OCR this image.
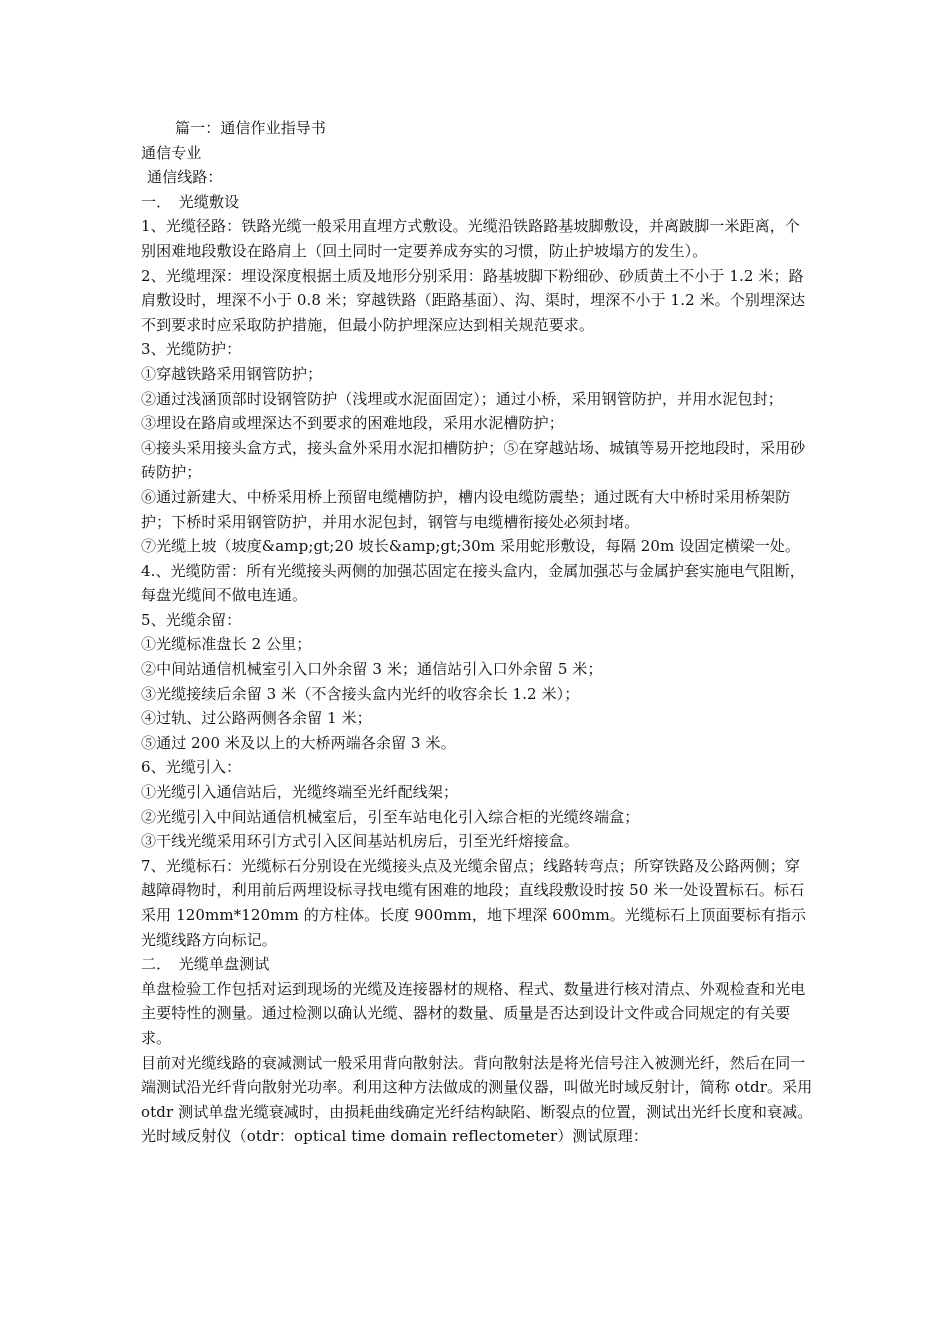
篇一：通信作业指导书

通信专业

通信线路：

一．　光缆敷设

1、光缆径路：铁路光缆一般采用直埋方式敷设。光缆沿铁路路基坡脚敷设，并离跛脚一米距离，个别困难地段敷设在路肩上（回土同时一定要养成夯实的习惯，防止护坡塌方的发生）。

2、光缆埋深：埋设深度根据土质及地形分别采用：路基坡脚下粉细砂、砂质黄土不小于 1.2 米；路肩敷设时，埋深不小于 0.8 米；穿越铁路（距路基面）、沟、渠时，埋深不小于 1.2 米。个别埋深达不到要求时应采取防护措施，但最小防护埋深应达到相关规范要求。

3、光缆防护：

①穿越铁路采用钢管防护；

②通过浅涵顶部时设钢管防护（浅埋或水泥面固定）；通过小桥，采用钢管防护，并用水泥包封；

③埋设在路肩或埋深达不到要求的困难地段，采用水泥槽防护；

④接头采用接头盒方式，接头盒外采用水泥扣槽防护；⑤在穿越站场、城镇等易开挖地段时，采用砂砖防护；

⑥通过新建大、中桥采用桥上预留电缆槽防护，槽内设电缆防震垫；通过既有大中桥时采用桥架防护；下桥时采用钢管防护，并用水泥包封，钢管与电缆槽衔接处必须封堵。

⑦光缆上坡（坡度&amp;gt;20 坡长&amp;gt;30m 采用蛇形敷设，每隔 20m 设固定横梁一处。

4.、光缆防雷：所有光缆接头两侧的加强芯固定在接头盒内，金属加强芯与金属护套实施电气阻断，每盘光缆间不做电连通。

5、光缆余留：

①光缆标准盘长 2 公里；

②中间站通信机械室引入口外余留 3 米；通信站引入口外余留 5 米；

③光缆接续后余留 3 米（不含接头盒内光纤的收容余长 1.2 米）；

④过轨、过公路两侧各余留 1 米；

⑤通过 200 米及以上的大桥两端各余留 3 米。

6、光缆引入：

①光缆引入通信站后，光缆终端至光纤配线架；

②光缆引入中间站通信机械室后，引至车站电化引入综合柜的光缆终端盒；

③干线光缆采用环引方式引入区间基站机房后，引至光纤熔接盒。

7、光缆标石：光缆标石分别设在光缆接头点及光缆余留点；线路转弯点；所穿铁路及公路两侧；穿越障碍物时，利用前后两埋设标寻找电缆有困难的地段；直线段敷设时按 50 米一处设置标石。标石采用 120mm*120mm 的方柱体。长度 900mm，地下埋深 600mm。光缆标石上顶面要标有指示光缆线路方向标记。

二．　光缆单盘测试

单盘检验工作包括对运到现场的光缆及连接器材的规格、程式、数量进行核对清点、外观检查和光电主要特性的测量。通过检测以确认光缆、器材的数量、质量是否达到设计文件或合同规定的有关要求。

目前对光缆线路的衰减测试一般采用背向散射法。背向散射法是将光信号注入被测光纤，然后在同一端测试沿光纤背向散射光功率。利用这种方法做成的测量仪器，叫做光时域反射计，简称 otdr。采用 otdr 测试单盘光缆衰减时，由损耗曲线确定光纤结构缺陷、断裂点的位置，测试出光纤长度和衰减。光时域反射仪（otdr：optical time domain reflectometer）测试原理：
